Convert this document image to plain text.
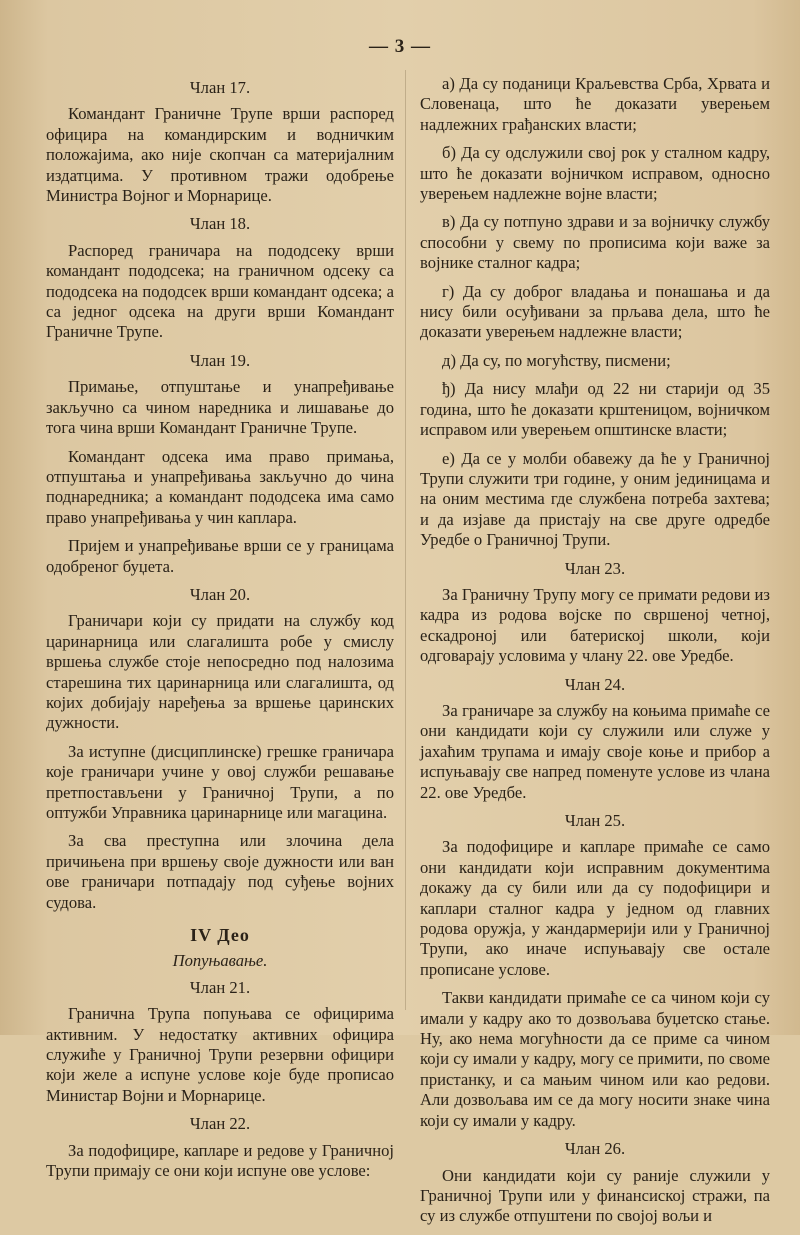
— 3 —
Члан 17.

Командант Граничне Трупе врши распоред официра на командирским и водничким положајима, ако није скопчан са материјалним издатцима. У противном тражи одобрење Министра Војног и Морнарице.

Члан 18.

Распоред граничара на пододсеку врши командант пододсека; на граничном одсеку са пододсека на пододсек врши командант одсека; а са једног одсека на други врши Командант Граничне Трупе.

Члан 19.

Примање, отпуштање и унапређивање закључно са чином наредника и лишавање до тога чина врши Командант Граничне Трупе.

Командант одсека има право примања, отпуштања и унапређивања закључно до чина поднаредника; а командант пододсека има само право унапређивања у чин каплара.

Пријем и унапређивање врши се у границама одобреног буџета.

Члан 20.

Граничари који су придати на службу код царинарница или слагалишта робе у смислу вршења службе стоје непосредно под налозима старешина тих царинарница или слагалишта, од којих добијају наређења за вршење царинских дужности.

За иступне (дисциплинске) грешке граничара које граничари учине у овој служби решавање претпостављени у Граничној Трупи, а по оптужби Управника царинарнице или магацина.

За сва преступна или злочина дела причињена при вршењу своје дужности или ван ове граничари потпадају под суђење војних судова.

IV Део
Попуњавање.
Члан 21.

Гранична Трупа попуњава се официрима активним. У недостатку активних официра служиће у Граничној Трупи резервни официри који желе а испуне услове које буде прописао Министар Војни и Морнарице.

Члан 22.

За подофицире, капларе и редове у Граничној Трупи примају се они који испуне ове услове:

а) Да су поданици Краљевства Срба, Хрвата и Словенаца, што ће доказати уверењем надлежних грађанских власти;

б) Да су одслужили свој рок у сталном кадру, што ће доказати војничком исправом, односно уверењем надлежне војне власти;

в) Да су потпуно здрави и за војничку службу способни у свему по прописима који важе за војнике сталног кадра;

г) Да су доброг владања и понашања и да нису били осуђивани за прљава дела, што ће доказати уверењем надлежне власти;

д) Да су, по могућству, писмени;

ђ) Да нису млађи од 22 ни старији од 35 година, што ће доказати крштеницом, војничком исправом или уверењем општинске власти;

е) Да се у молби обавежу да ће у Граничној Трупи служити три године, у оним јединицама и на оним местима где службена потреба захтева; и да изјаве да пристају на све друге одредбе Уредбе о Граничној Трупи.

Члан 23.

За Граничну Трупу могу се примати редови из кадра из родова војске по свршеној четној, ескадроној или батериској школи, који одговарају условима у члану 22. ове Уредбе.

Члан 24.

За граничаре за службу на коњима примаће се они кандидати који су служили или служе у јахаћим трупама и имају своје коње и прибор а испуњавају све напред поменуте услове из члана 22. ове Уредбе.

Члан 25.

За подофицире и капларе примаће се само они кандидати који исправним документима докажу да су били или да су подофицири и каплари сталног кадра у једном од главних родова оружја, у жандармерији или у Граничној Трупи, ако иначе испуњавају све остале прописане услове.

Такви кандидати примаће се са чином који су имали у кадру ако то дозвољава буџетско стање. Ну, ако нема могућности да се приме са чином који су имали у кадру, могу се примити, по своме пристанку, и са мањим чином или као редови. Али дозвољава им се да могу носити знаке чина који су имали у кадру.

Члан 26.

Они кандидати који су раније служили у Граничној Трупи или у финансиској стражи, па су из службе отпуштени по својој вољи и
